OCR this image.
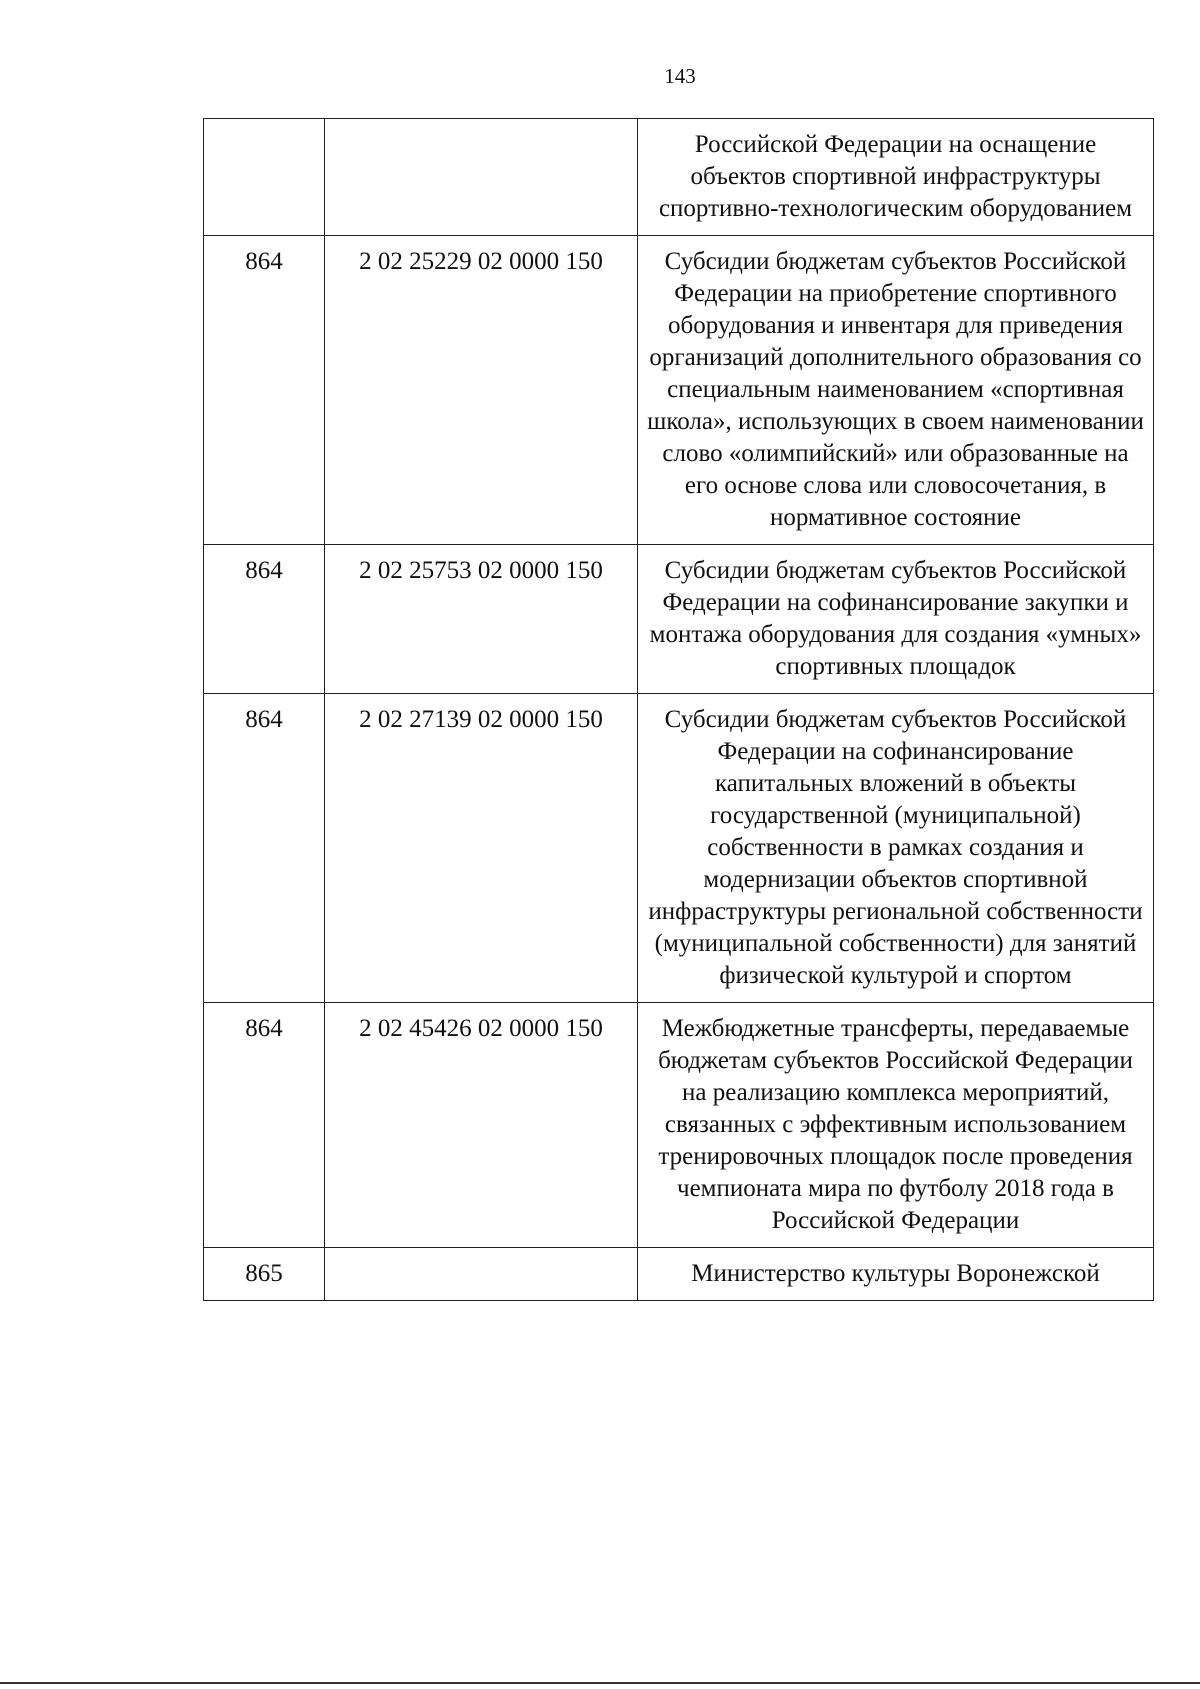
143
		Российской Федерации на оснащение объектов спортивной инфраструктуры спортивно-технологическим оборудованием
864	2 02 25229 02 0000 150	Субсидии бюджетам субъектов Российской Федерации на приобретение спортивного оборудования и инвентаря для приведения организаций дополнительного образования со специальным наименованием «спортивная школа», использующих в своем наименовании слово «олимпийский» или образованные на его основе слова или словосочетания, в нормативное состояние
864	2 02 25753 02 0000 150	Субсидии бюджетам субъектов Российской Федерации на софинансирование закупки и монтажа оборудования для создания «умных» спортивных площадок
864	2 02 27139 02 0000 150	Субсидии бюджетам субъектов Российской Федерации на софинансирование капитальных вложений в объекты государственной (муниципальной) собственности в рамках создания и модернизации объектов спортивной инфраструктуры региональной собственности (муниципальной собственности) для занятий физической культурой и спортом
864	2 02 45426 02 0000 150	Межбюджетные трансферты, передаваемые бюджетам субъектов Российской Федерации на реализацию комплекса мероприятий, связанных с эффективным использованием тренировочных площадок после проведения чемпионата мира по футболу 2018 года в Российской Федерации
865		Министерство культуры Воронежской
